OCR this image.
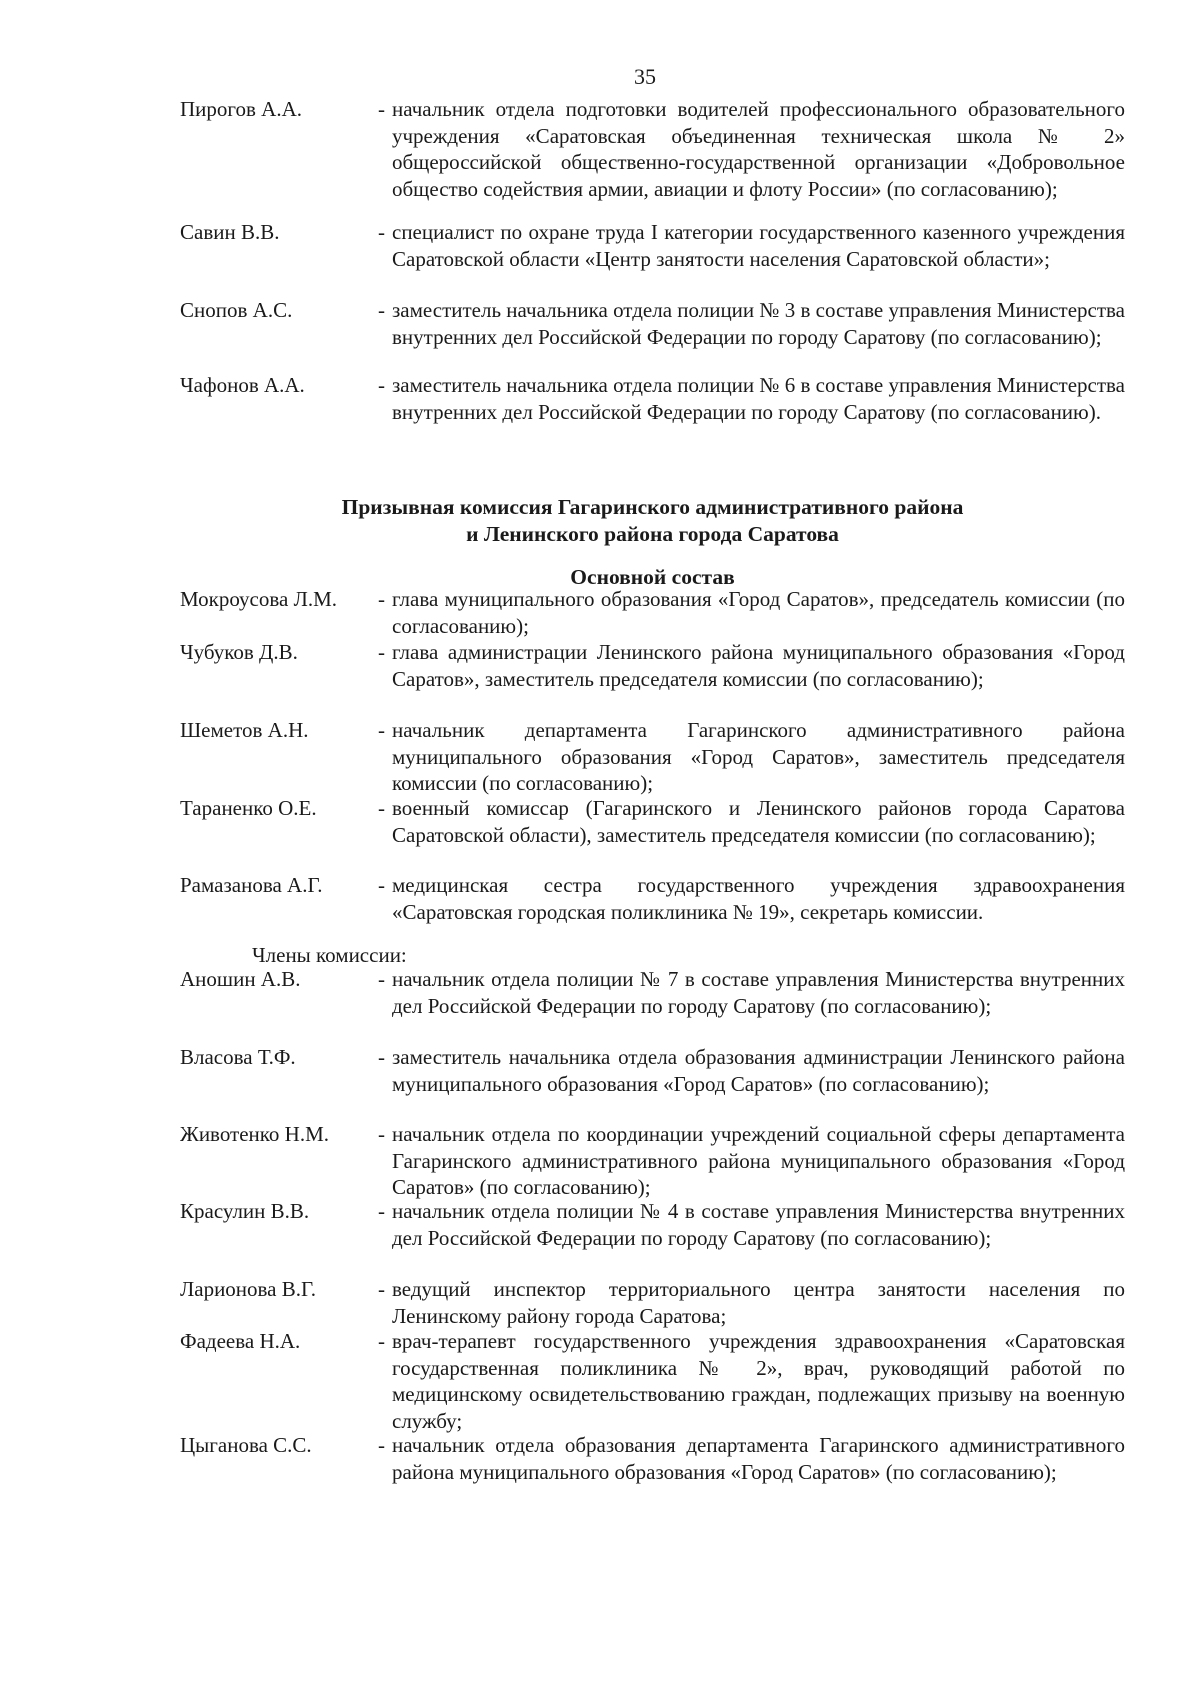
35
Пирогов А.А.	- начальник отдела подготовки водителей профессионального образовательного учреждения «Саратовская объединенная техническая школа № 2» общероссийской общественно-государственной организации «Добровольное общество содействия армии, авиации и флоту России» (по согласованию);
Савин В.В.	- специалист по охране труда I категории государственного казенного учреждения Саратовской области «Центр занятости населения Саратовской области»;
Снопов А.С.	- заместитель начальника отдела полиции № 3 в составе управления Министерства внутренних дел Российской Федерации по городу Саратову (по согласованию);
Чафонов А.А.	- заместитель начальника отдела полиции № 6 в составе управления Министерства внутренних дел Российской Федерации по городу Саратову (по согласованию).
Призывная комиссия Гагаринского административного района
и Ленинского района города Саратова
Основной состав
Мокроусова Л.М.	- глава муниципального образования «Город Саратов», председатель комиссии (по согласованию);
Чубуков Д.В.	- глава администрации Ленинского района муниципального образования «Город Саратов», заместитель председателя комиссии (по согласованию);
Шеметов А.Н.	- начальник департамента Гагаринского административного района муниципального образования «Город Саратов», заместитель председателя комиссии (по согласованию);
Тараненко О.Е.	- военный комиссар (Гагаринского и Ленинского районов города Саратова Саратовской области), заместитель председателя комиссии (по согласованию);
Рамазанова А.Г.	- медицинская сестра государственного учреждения здравоохранения «Саратовская городская поликлиника № 19», секретарь комиссии.
Члены комиссии:
Аношин А.В.	- начальник отдела полиции № 7 в составе управления Министерства внутренних дел Российской Федерации по городу Саратову (по согласованию);
Власова Т.Ф.	- заместитель начальника отдела образования администрации Ленинского района муниципального образования «Город Саратов» (по согласованию);
Животенко Н.М.	- начальник отдела по координации учреждений социальной сферы департамента Гагаринского административного района муниципального образования «Город Саратов» (по согласованию);
Красулин В.В.	- начальник отдела полиции № 4 в составе управления Министерства внутренних дел Российской Федерации по городу Саратову (по согласованию);
Ларионова В.Г.	- ведущий инспектор территориального центра занятости населения по Ленинскому району города Саратова;
Фадеева Н.А.	- врач-терапевт государственного учреждения здравоохранения «Саратовская государственная поликлиника № 2», врач, руководящий работой по медицинскому освидетельствованию граждан, подлежащих призыву на военную службу;
Цыганова С.С.	- начальник отдела образования департамента Гагаринского административного района муниципального образования «Город Саратов» (по согласованию);
